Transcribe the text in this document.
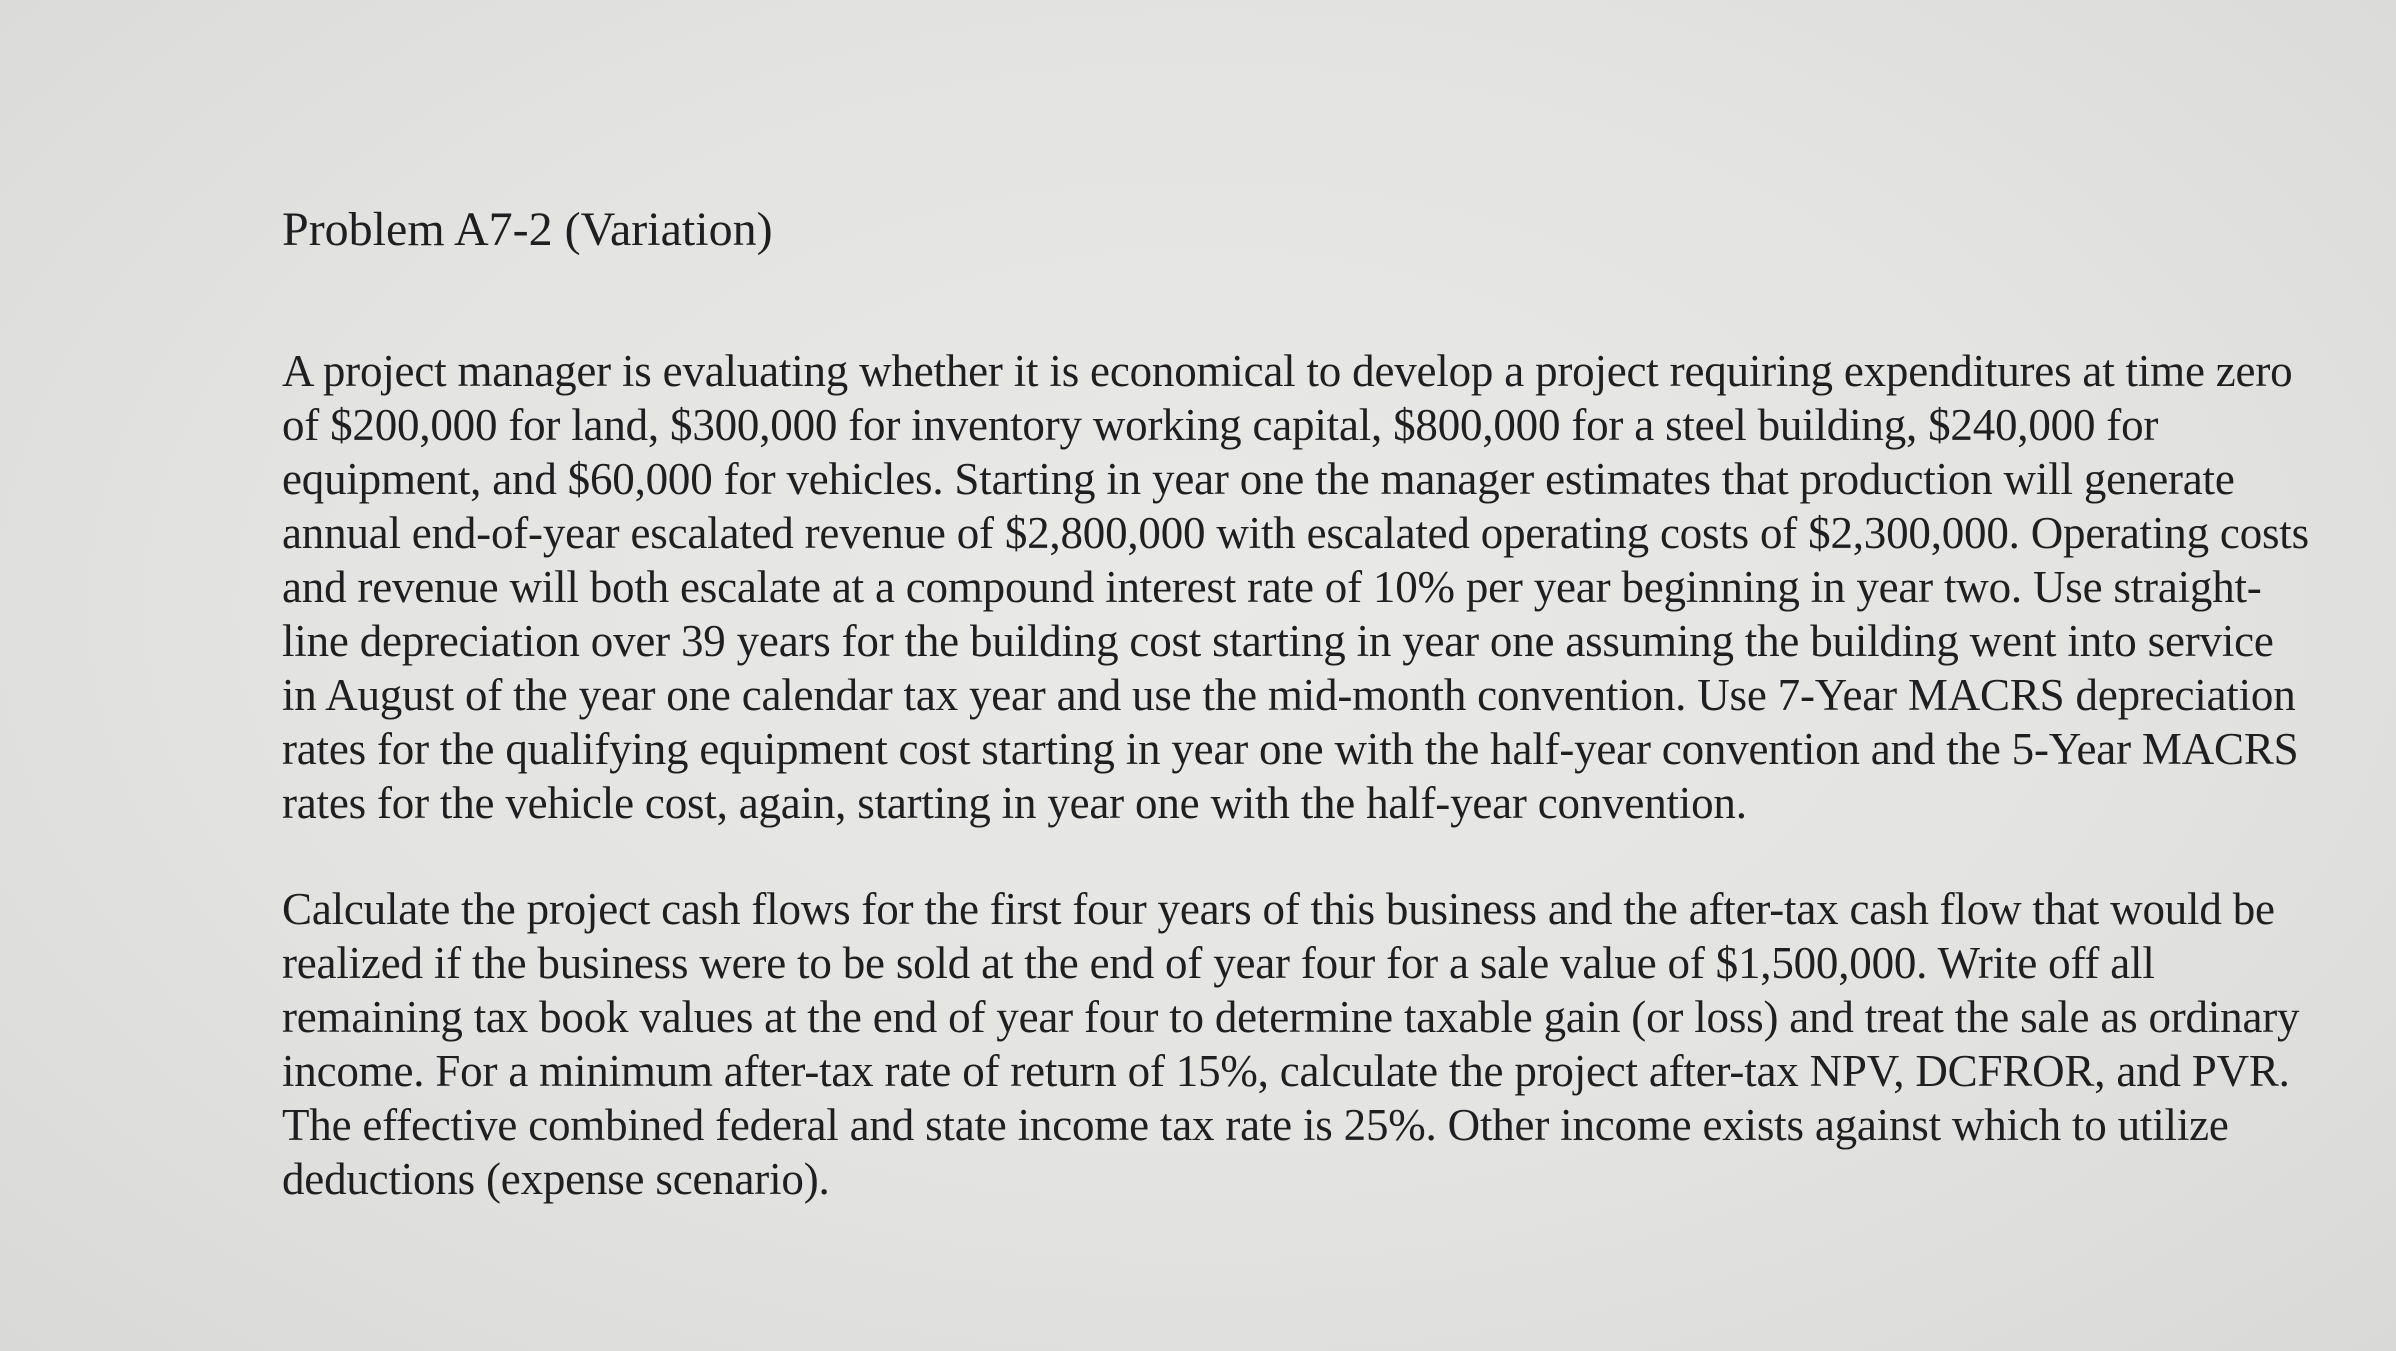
Problem A7-2 (Variation)

A project manager is evaluating whether it is economical to develop a project requiring expenditures at time zero of $200,000 for land, $300,000 for inventory working capital, $800,000 for a steel building, $240,000 for equipment, and $60,000 for vehicles. Starting in year one the manager estimates that production will generate annual end-of-year escalated revenue of $2,800,000 with escalated operating costs of $2,300,000. Operating costs and revenue will both escalate at a compound interest rate of 10% per year beginning in year two. Use straight-line depreciation over 39 years for the building cost starting in year one assuming the building went into service in August of the year one calendar tax year and use the mid-month convention. Use 7-Year MACRS depreciation rates for the qualifying equipment cost starting in year one with the half-year convention and the 5-Year MACRS rates for the vehicle cost, again, starting in year one with the half-year convention.

Calculate the project cash flows for the first four years of this business and the after-tax cash flow that would be realized if the business were to be sold at the end of year four for a sale value of $1,500,000. Write off all remaining tax book values at the end of year four to determine taxable gain (or loss) and treat the sale as ordinary income. For a minimum after-tax rate of return of 15%, calculate the project after-tax NPV, DCFROR, and PVR. The effective combined federal and state income tax rate is 25%. Other income exists against which to utilize deductions (expense scenario).
